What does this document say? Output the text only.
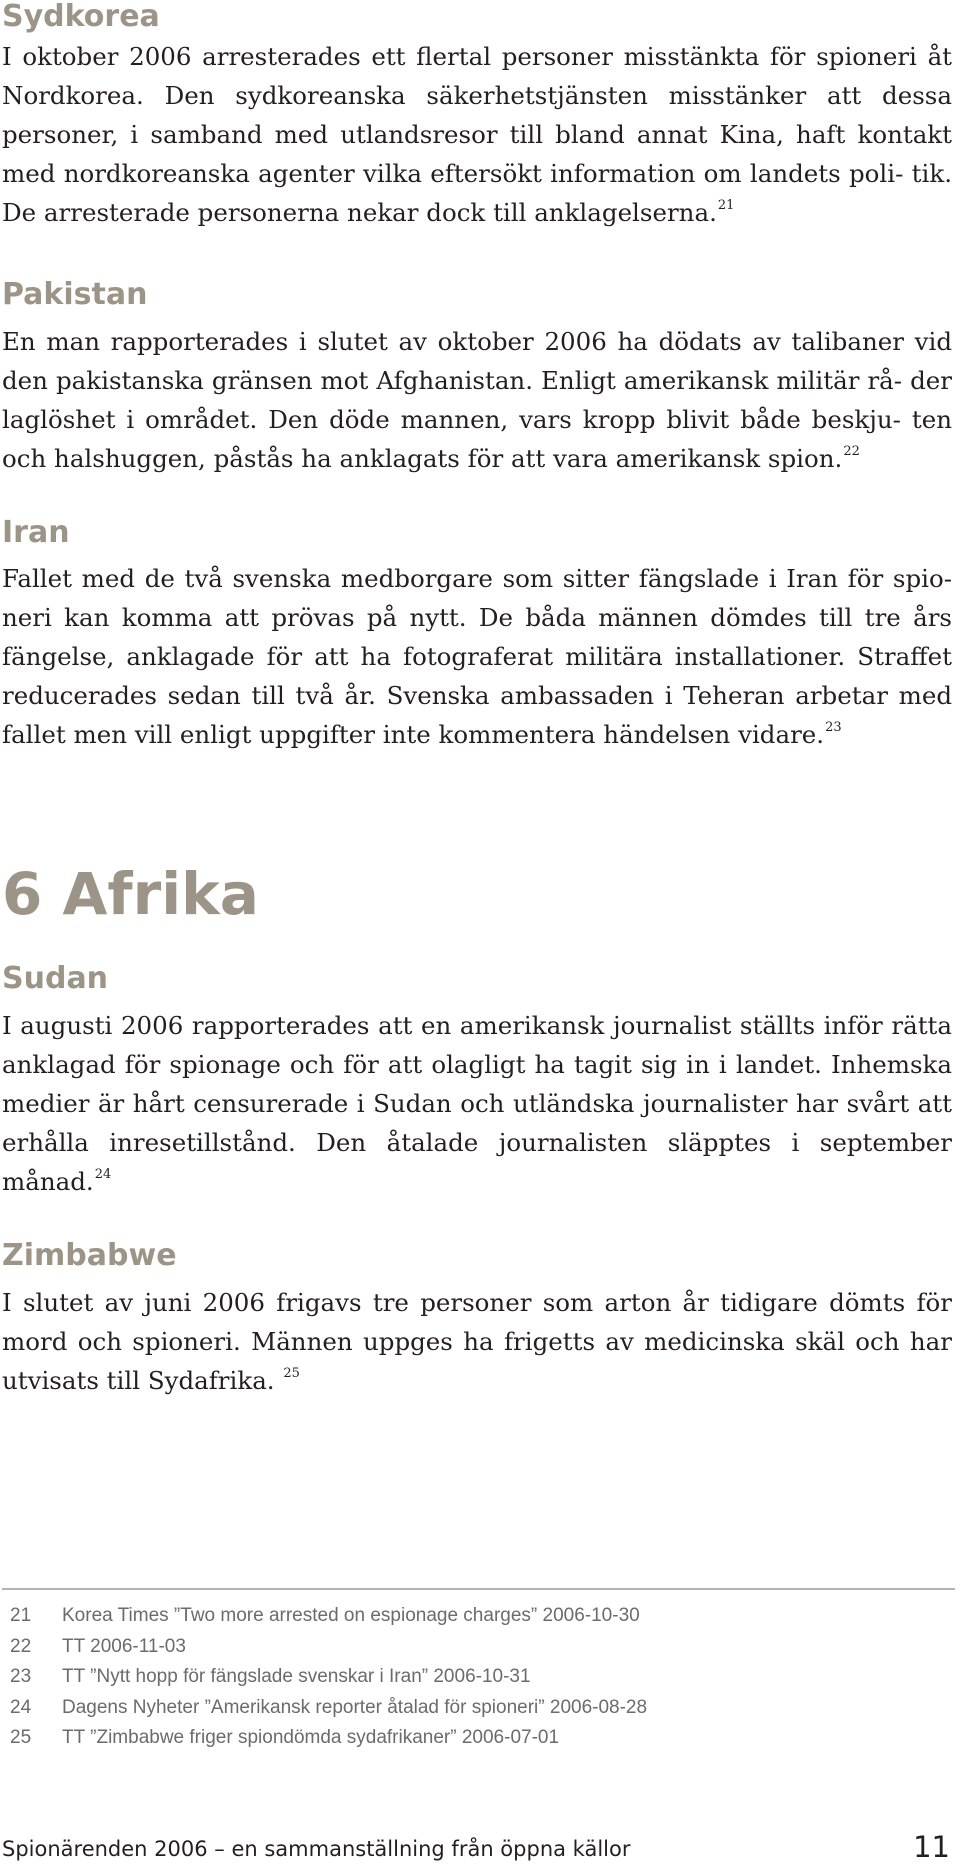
Sydkorea

I oktober 2006 arresterades ett flertal personer misstänkta för spioneri åt Nordkorea. Den sydkoreanska säkerhetstjänsten misstänker att dessa personer, i samband med utlandsresor till bland annat Kina, haft kontakt med nordkoreanska agenter vilka eftersökt information om landets poli- tik. De arresterade personerna nekar dock till anklagelserna.$^{21}$

Pakistan

En man rapporterades i slutet av oktober 2006 ha dödats av talibaner vid den pakistanska gränsen mot Afghanistan. Enligt amerikansk militär rå- der laglöshet i området. Den döde mannen, vars kropp blivit både beskju- ten och halshuggen, påstås ha anklagats för att vara amerikansk spion.$^{22}$

Iran

Fallet med de två svenska medborgare som sitter fängslade i Iran för spio- neri kan komma att prövas på nytt. De båda männen dömdes till tre års fängelse, anklagade för att ha fotograferat militära installationer. Straffet reducerades sedan till två år. Svenska ambassaden i Teheran arbetar med fallet men vill enligt uppgifter inte kommentera händelsen vidare.$^{23}$

6 Afrika
Sudan

I augusti 2006 rapporterades att en amerikansk journalist ställts inför rätta anklagad för spionage och för att olagligt ha tagit sig in i landet. Inhemska medier är hårt censurerade i Sudan och utländska journalister har svårt att erhålla inresetillstånd. Den åtalade journalisten släpptes i september månad.$^{24}$

Zimbabwe

I slutet av juni 2006 frigavs tre personer som arton år tidigare dömts för mord och spioneri. Männen uppges ha frigetts av medicinska skäl och har utvisats till Sydafrika. $^{25}$

21 Korea Times ”Two more arrested on espionage charges” 2006-10-30
22 TT 2006-11-03
23 TT ”Nytt hopp för fängslade svenskar i Iran” 2006-10-31
24 Dagens Nyheter ”Amerikansk reporter åtalad för spioneri” 2006-08-28
25 TT ”Zimbabwe friger spiondömda sydafrikaner” 2006-07-01
Spionärenden 2006 – en sammanställning från öppna källor	11
